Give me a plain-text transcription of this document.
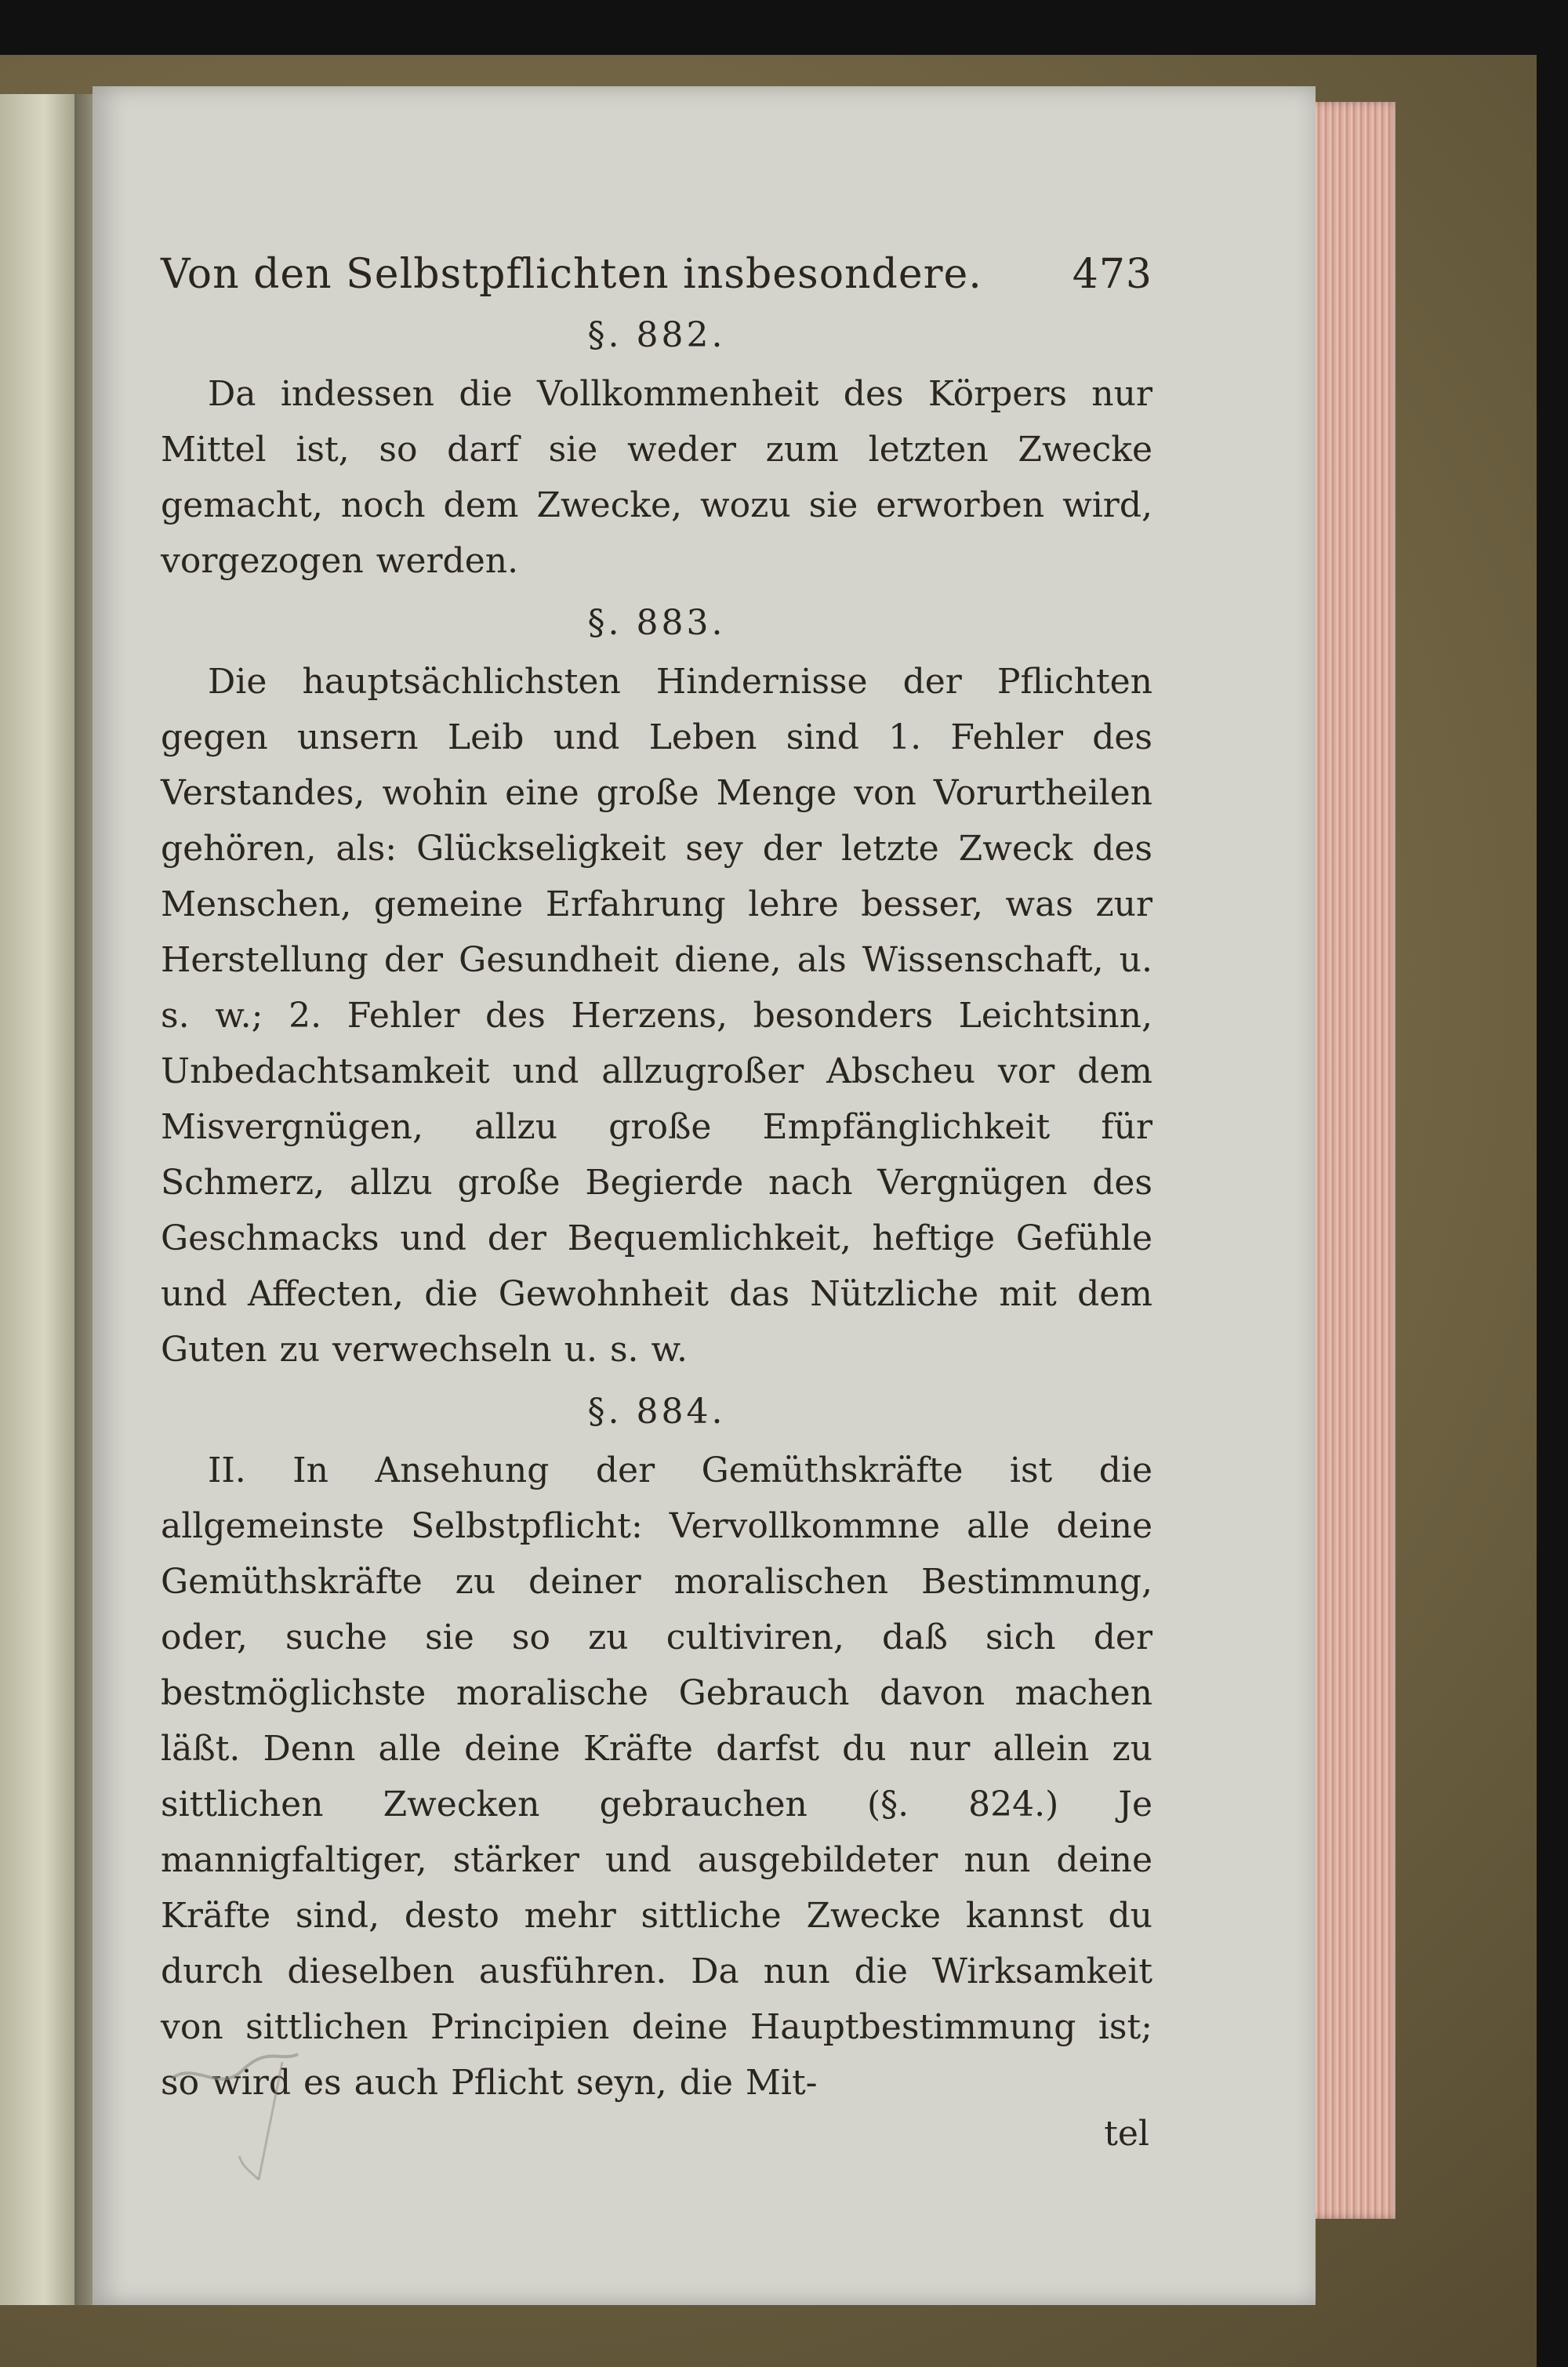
Von den Selbstpflichten insbesondere. 473
§. 882.

Da indessen die Vollkommenheit des Körpers nur Mittel ist, so darf sie weder zum letzten Zwecke gemacht, noch dem Zwecke, wozu sie erworben wird, vorgezogen werden.

§. 883.

Die hauptsächlichsten Hindernisse der Pflichten gegen unsern Leib und Leben sind 1. Fehler des Verstandes, wohin eine große Menge von Vorurtheilen gehören, als: Glückseligkeit sey der letzte Zweck des Menschen, gemeine Erfahrung lehre besser, was zur Herstellung der Gesundheit diene, als Wissenschaft, u. s. w.; 2. Fehler des Herzens, besonders Leichtsinn, Unbedachtsamkeit und allzugroßer Abscheu vor dem Misvergnügen, allzu große Empfänglichkeit für Schmerz, allzu große Begierde nach Vergnügen des Geschmacks und der Bequemlichkeit, heftige Gefühle und Affecten, die Gewohnheit das Nützliche mit dem Guten zu verwechseln u. s. w.

§. 884.

II. In Ansehung der Gemüthskräfte ist die allgemeinste Selbstpflicht: Vervollkommne alle deine Gemüthskräfte zu deiner moralischen Bestimmung, oder, suche sie so zu cultiviren, daß sich der bestmöglichste moralische Gebrauch davon machen läßt. Denn alle deine Kräfte darfst du nur allein zu sittlichen Zwecken gebrauchen (§. 824.) Je mannigfaltiger, stärker und ausgebildeter nun deine Kräfte sind, desto mehr sittliche Zwecke kannst du durch dieselben ausführen. Da nun die Wirksamkeit von sittlichen Principien deine Hauptbestimmung ist; so wird es auch Pflicht seyn, die Mit-

tel
